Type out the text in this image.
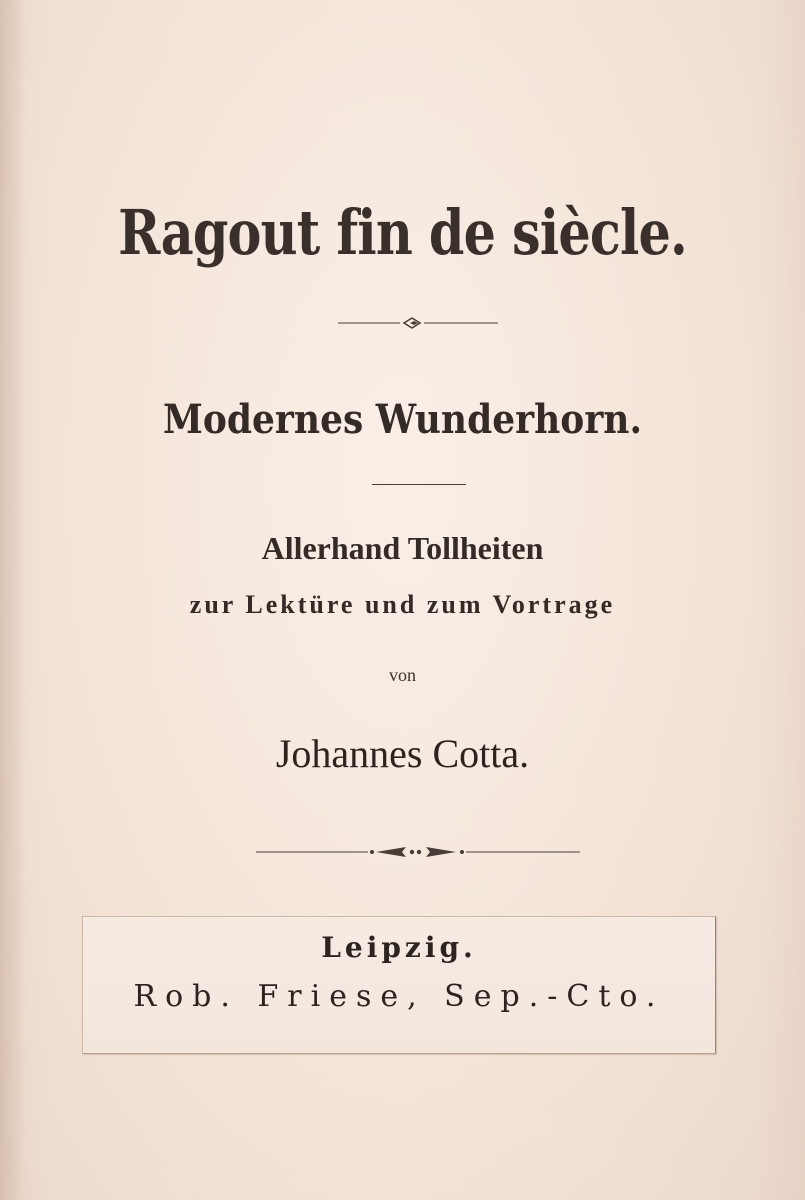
Ragout fin de siècle.
Modernes Wunderhorn.
Allerhand Tollheiten
zur Lektüre und zum Vortrage
von
Johannes Cotta.
Leipzig.
Rob. Friese, Sep.-Cto.
